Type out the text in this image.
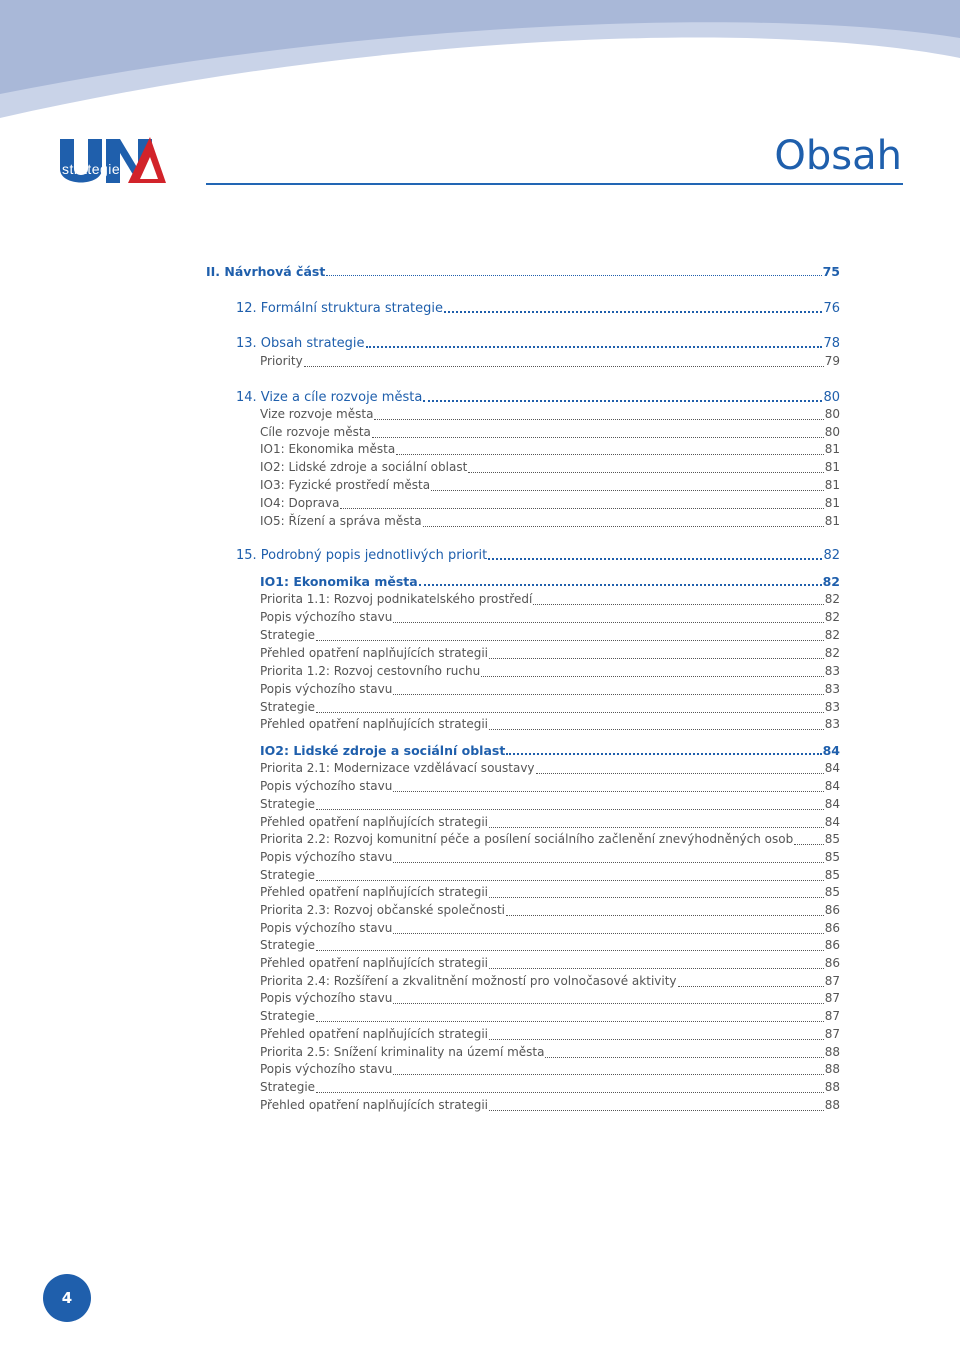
strategie	Obsah
II. Návrhová část	75
12. Formální struktura strategie	76
13. Obsah strategie	78
Priority	79
14. Vize a cíle rozvoje města	80
Vize rozvoje města	80
Cíle rozvoje města	80
IO1: Ekonomika města	81
IO2: Lidské zdroje a sociální oblast	81
IO3: Fyzické prostředí města	81
IO4: Doprava	81
IO5: Řízení a správa města	81
15. Podrobný popis jednotlivých priorit	82
IO1: Ekonomika města	82
Priorita 1.1: Rozvoj podnikatelského prostředí	82
Popis výchozího stavu	82
Strategie	82
Přehled opatření naplňujících strategii	82
Priorita 1.2: Rozvoj cestovního ruchu	83
Popis výchozího stavu	83
Strategie	83
Přehled opatření naplňujících strategii	83
IO2: Lidské zdroje a sociální oblast	84
Priorita 2.1: Modernizace vzdělávací soustavy	84
Popis výchozího stavu	84
Strategie	84
Přehled opatření naplňujících strategii	84
Priorita 2.2: Rozvoj komunitní péče a posílení sociálního začlenění znevýhodněných osob	85
Popis výchozího stavu	85
Strategie	85
Přehled opatření naplňujících strategii	85
Priorita 2.3: Rozvoj občanské společnosti	86
Popis výchozího stavu	86
Strategie	86
Přehled opatření naplňujících strategii	86
Priorita 2.4: Rozšíření a zkvalitnění možností pro volnočasové aktivity	87
Popis výchozího stavu	87
Strategie	87
Přehled opatření naplňujících strategii	87
Priorita 2.5: Snížení kriminality na území města	88
Popis výchozího stavu	88
Strategie	88
Přehled opatření naplňujících strategii	88
4
